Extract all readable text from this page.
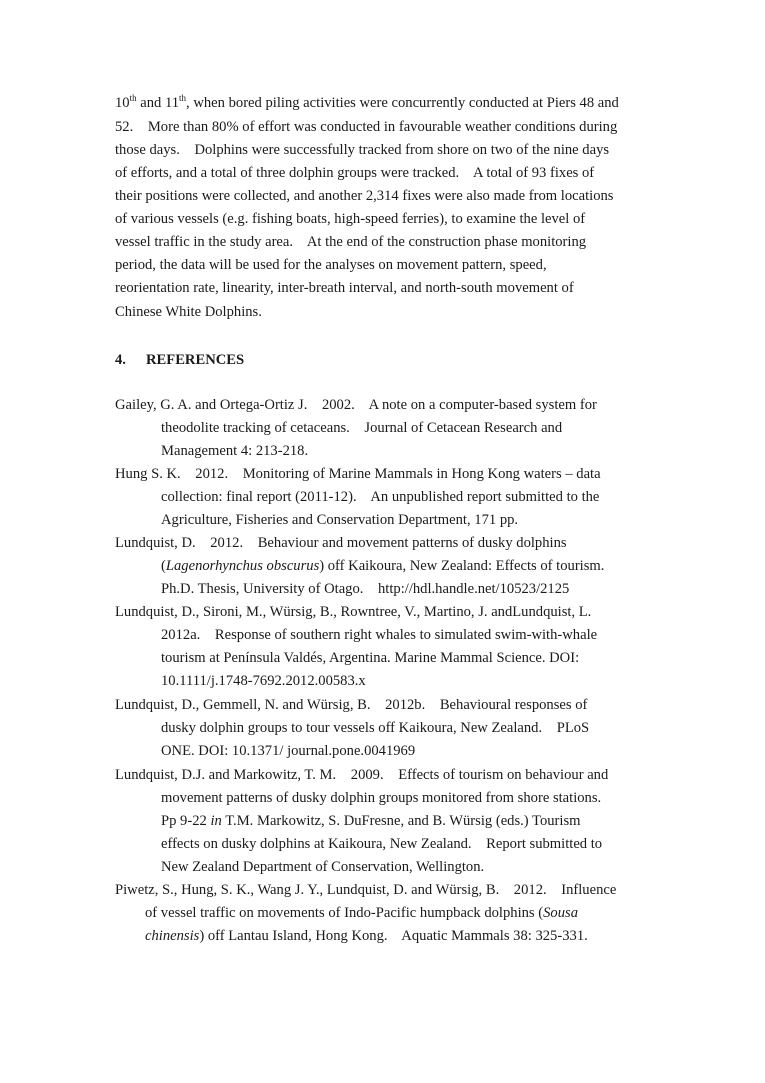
10th and 11th, when bored piling activities were concurrently conducted at Piers 48 and
52.    More than 80% of effort was conducted in favourable weather conditions during
those days.    Dolphins were successfully tracked from shore on two of the nine days
of efforts, and a total of three dolphin groups were tracked.    A total of 93 fixes of
their positions were collected, and another 2,314 fixes were also made from locations
of various vessels (e.g. fishing boats, high-speed ferries), to examine the level of
vessel traffic in the study area.    At the end of the construction phase monitoring
period, the data will be used for the analyses on movement pattern, speed,
reorientation rate, linearity, inter-breath interval, and north-south movement of
Chinese White Dolphins.
4. REFERENCES
Gailey, G. A. and Ortega-Ortiz J.    2002.    A note on a computer-based system for
theodolite tracking of cetaceans.    Journal of Cetacean Research and
Management 4: 213-218.
Hung S. K.    2012.    Monitoring of Marine Mammals in Hong Kong waters – data
collection: final report (2011-12).    An unpublished report submitted to the
Agriculture, Fisheries and Conservation Department, 171 pp.
Lundquist, D.    2012.    Behaviour and movement patterns of dusky dolphins
(Lagenorhynchus obscurus) off Kaikoura, New Zealand: Effects of tourism.
Ph.D. Thesis, University of Otago.    http://hdl.handle.net/10523/2125
Lundquist, D., Sironi, M., Würsig, B., Rowntree, V., Martino, J. andLundquist, L.
2012a.    Response of southern right whales to simulated swim-with-whale
tourism at Península Valdés, Argentina. Marine Mammal Science. DOI:
10.1111/j.1748-7692.2012.00583.x
Lundquist, D., Gemmell, N. and Würsig, B.    2012b.    Behavioural responses of
dusky dolphin groups to tour vessels off Kaikoura, New Zealand.    PLoS
ONE. DOI: 10.1371/ journal.pone.0041969
Lundquist, D.J. and Markowitz, T. M.    2009.    Effects of tourism on behaviour and
movement patterns of dusky dolphin groups monitored from shore stations.
Pp 9-22 in T.M. Markowitz, S. DuFresne, and B. Würsig (eds.) Tourism
effects on dusky dolphins at Kaikoura, New Zealand.    Report submitted to
New Zealand Department of Conservation, Wellington.
Piwetz, S., Hung, S. K., Wang J. Y., Lundquist, D. and Würsig, B.    2012.    Influence
of vessel traffic on movements of Indo-Pacific humpback dolphins (Sousa
chinensis) off Lantau Island, Hong Kong.    Aquatic Mammals 38: 325-331.
